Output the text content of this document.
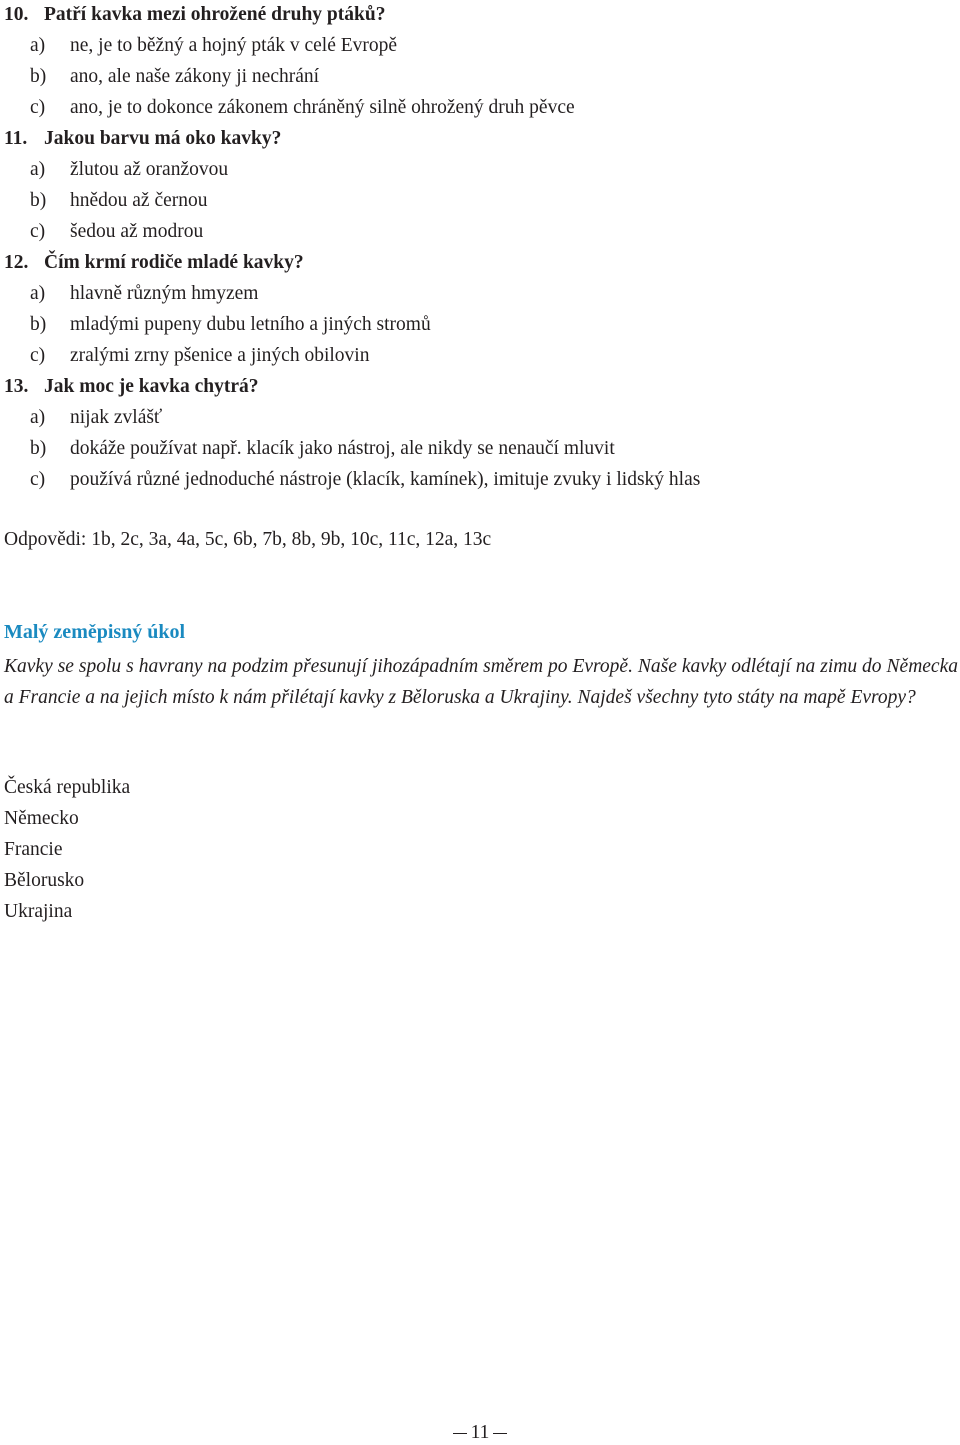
10. Patří kavka mezi ohrožené druhy ptáků?
a) ne, je to běžný a hojný pták v celé Evropě
b) ano, ale naše zákony ji nechrání
c) ano, je to dokonce zákonem chráněný silně ohrožený druh pěvce
11. Jakou barvu má oko kavky?
a) žlutou až oranžovou
b) hnědou až černou
c) šedou až modrou
12. Čím krmí rodiče mladé kavky?
a) hlavně různým hmyzem
b) mladými pupeny dubu letního a jiných stromů
c) zralými zrny pšenice a jiných obilovin
13. Jak moc je kavka chytrá?
a) nijak zvlášť
b) dokáže používat např. klacík jako nástroj, ale nikdy se nenaučí mluvit
c) používá různé jednoduché nástroje (klacík, kamínek), imituje zvuky i lidský hlas
Odpovědi: 1b, 2c, 3a, 4a, 5c, 6b, 7b, 8b, 9b, 10c, 11c, 12a, 13c
Malý zeměpisný úkol
Kavky se spolu s havrany na podzim přesunují jihozápadním směrem po Evropě. Naše kavky odlétají na zimu do Německa a Francie a na jejich místo k nám přilétají kavky z Běloruska a Ukrajiny. Najdeš všechny tyto státy na mapě Evropy?
Česká republika
Německo
Francie
Bělorusko
Ukrajina
11
